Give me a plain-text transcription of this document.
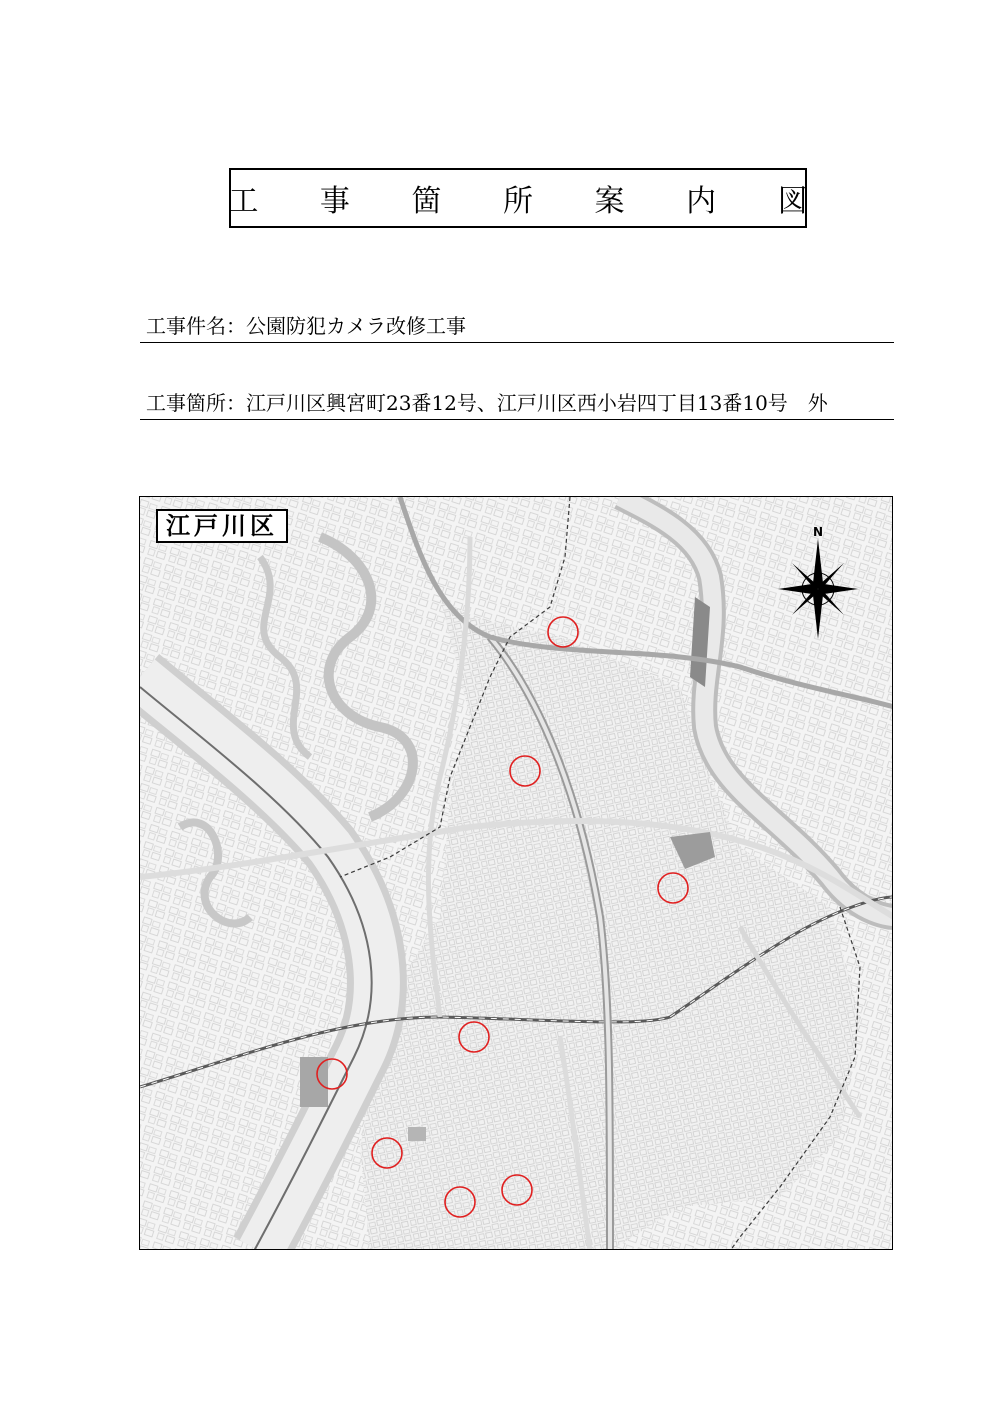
工 事 箇 所 案 内 図
工事件名：公園防犯カメラ改修工事
工事箇所：江戸川区興宮町23番12号、江戸川区西小岩四丁目13番10号　外
江戸川区	N
